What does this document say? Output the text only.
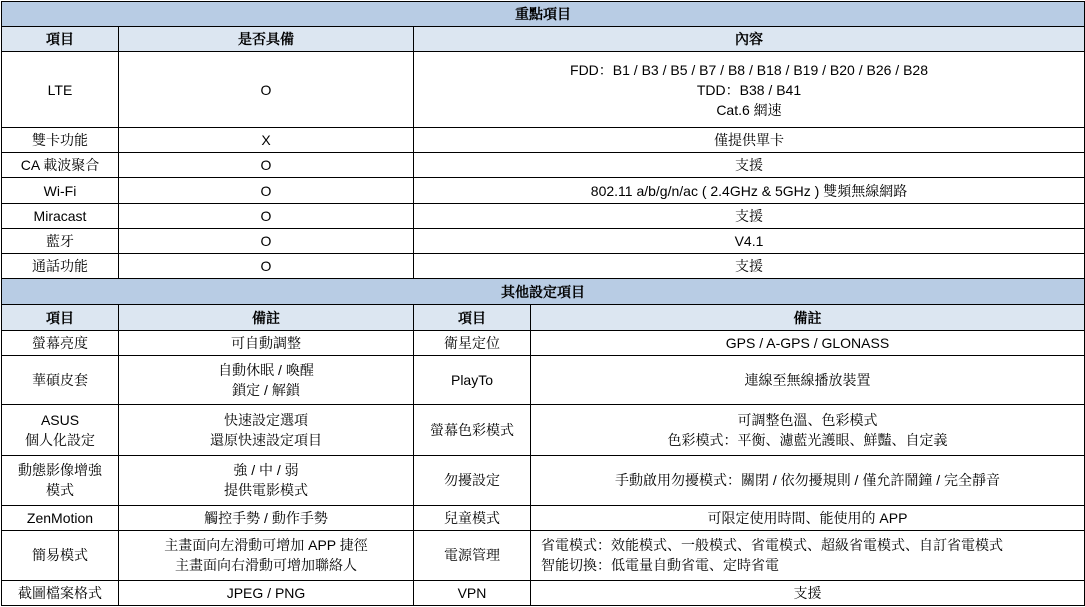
重點項目			
項目	是否具備	內容	

LTE	O	FDD：B1 / B3 / B5 / B7 / B8 / B18 / B19 / B20 / B26 / B28
TDD：B38 / B41
Cat.6 網速	

雙卡功能	X	僅提供單卡	

CA 載波聚合	O	支援	

Wi-Fi	O	802.11 a/b/g/n/ac ( 2.4GHz & 5GHz ) 雙頻無線網路	

Miracast	O	支援	

藍牙	O	V4.1	

通話功能	O	支援	

其他設定項目			

項目	備註	項目	備註

螢幕亮度	可自動調整	衛星定位	GPS / A-GPS / GLONASS

華碩皮套	自動休眠 / 喚醒
鎖定 / 解鎖	PlayTo	連線至無線播放裝置

ASUS
個人化設定	快速設定選項
還原快速設定項目	螢幕色彩模式	可調整色溫、色彩模式
色彩模式：平衡、濾藍光護眼、鮮豔、自定義

動態影像增強
模式	強 / 中 / 弱
提供電影模式	勿擾設定	手動啟用勿擾模式：關閉 / 依勿擾規則 / 僅允許鬧鐘 / 完全靜音

ZenMotion	觸控手勢 / 動作手勢	兒童模式	可限定使用時間、能使用的 APP

簡易模式	主畫面向左滑動可增加 APP 捷徑
主畫面向右滑動可增加聯絡人	電源管理	省電模式：效能模式、一般模式、省電模式、超級省電模式、自訂省電模式
智能切換：低電量自動省電、定時省電

截圖檔案格式	JPEG / PNG	VPN	支援
